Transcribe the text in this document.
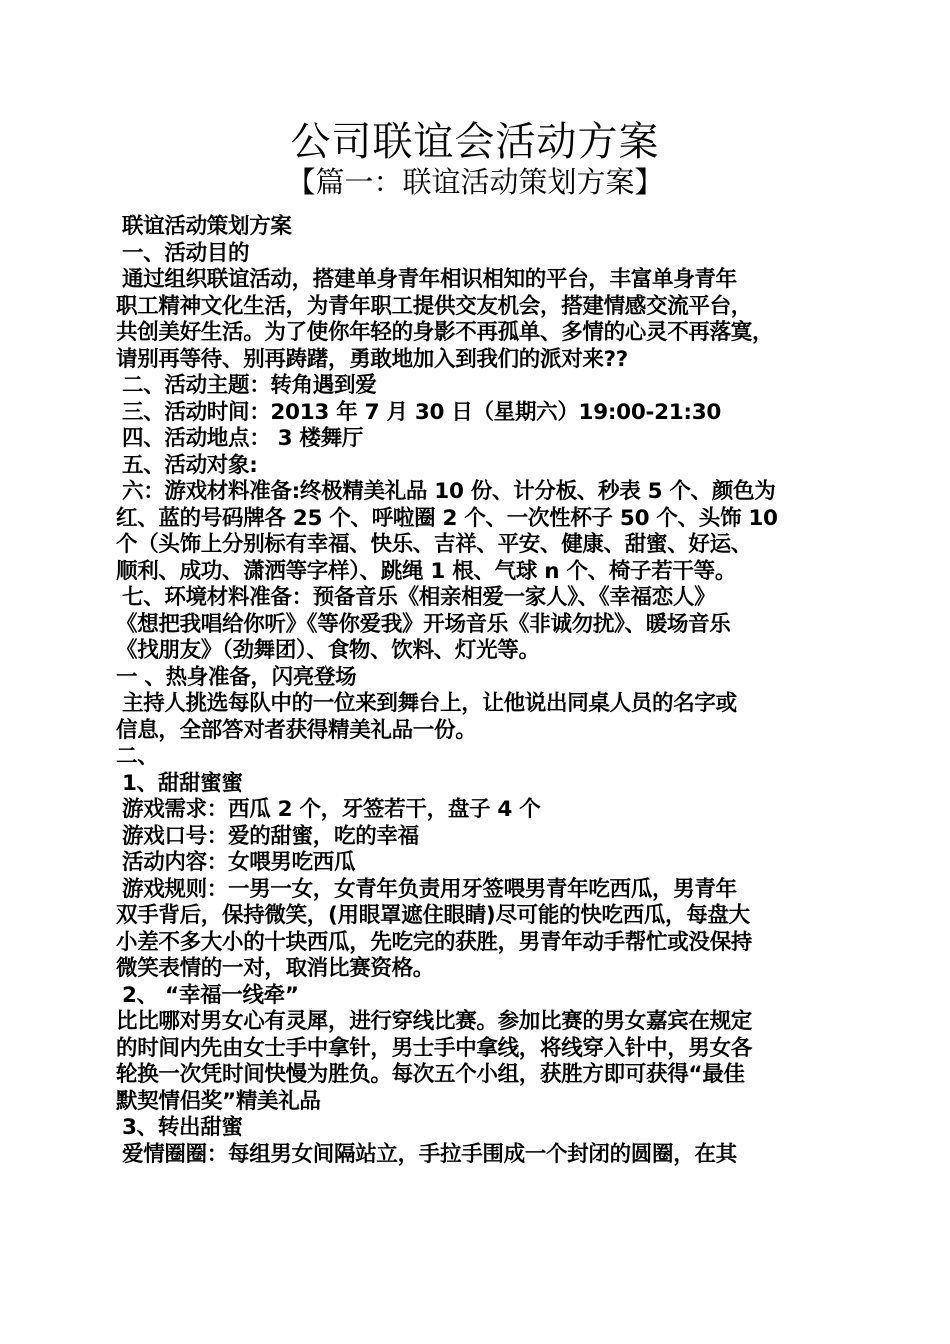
公司联谊会活动方案
【篇一：联谊活动策划方案】
联谊活动策划方案
一、活动目的
通过组织联谊活动，搭建单身青年相识相知的平台，丰富单身青年
职工精神文化生活，为青年职工提供交友机会，搭建情感交流平台，
共创美好生活。为了使你年轻的身影不再孤单、多情的心灵不再落寞，
请别再等待、别再踌躇，勇敢地加入到我们的派对来??
二、活动主题：转角遇到爱
三、活动时间：2013 年 7 月 30 日（星期六）19:00-21:30
四、活动地点： 3 楼舞厅
五、活动对象:
六：游戏材料准备:终极精美礼品 10 份、计分板、秒表 5 个、颜色为
红、蓝的号码牌各 25 个、呼啦圈 2 个、一次性杯子 50 个、头饰 10
个（头饰上分别标有幸福、快乐、吉祥、平安、健康、甜蜜、好运、
顺利、成功、潇洒等字样）、跳绳 1 根、气球 n 个、椅子若干等。
七、环境材料准备：预备音乐《相亲相爱一家人》、《幸福恋人》
《想把我唱给你听》《等你爱我》开场音乐《非诚勿扰》、暖场音乐
《找朋友》（劲舞团）、食物、饮料、灯光等。
一 、热身准备，闪亮登场
主持人挑选每队中的一位来到舞台上，让他说出同桌人员的名字或
信息，全部答对者获得精美礼品一份。
二、
1、甜甜蜜蜜
游戏需求：西瓜 2 个，牙签若干，盘子 4 个
游戏口号：爱的甜蜜，吃的幸福
活动内容：女喂男吃西瓜
游戏规则：一男一女，女青年负责用牙签喂男青年吃西瓜，男青年
双手背后，保持微笑，(用眼罩遮住眼睛)尽可能的快吃西瓜，每盘大
小差不多大小的十块西瓜，先吃完的获胜，男青年动手帮忙或没保持
微笑表情的一对，取消比赛资格。
2、 “幸福一线牵”
比比哪对男女心有灵犀，进行穿线比赛。参加比赛的男女嘉宾在规定
的时间内先由女士手中拿针，男士手中拿线，将线穿入针中，男女各
轮换一次凭时间快慢为胜负。每次五个小组，获胜方即可获得“最佳
默契情侣奖”精美礼品
3、转出甜蜜
爱情圈圈：每组男女间隔站立，手拉手围成一个封闭的圆圈，在其
